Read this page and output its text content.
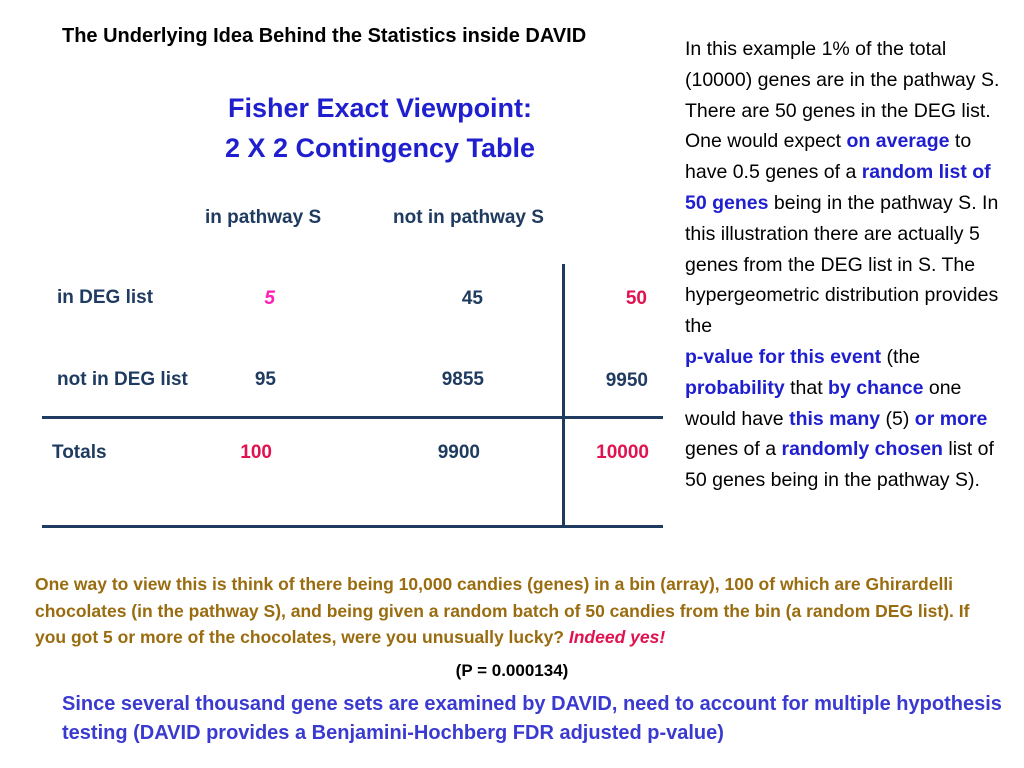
The Underlying Idea Behind the Statistics inside DAVID
Fisher Exact Viewpoint:
2 X 2 Contingency Table
in pathway S	not in pathway S
in DEG list	5	45	50
not in DEG list	95	9855	9950
Totals	100	9900	10000
In this example 1% of the total (10000) genes are in the pathway S. There are 50 genes in the DEG list. One would expect on average to have 0.5 genes of a random list of 50 genes being in the pathway S. In this illustration there are actually 5 genes from the DEG list in S. The hypergeometric distribution provides the
p-value for this event (the probability that by chance one would have this many (5) or more genes of a randomly chosen list of 50 genes being in the pathway S).
One way to view this is think of there being 10,000 candies (genes) in a bin (array), 100 of which are Ghirardelli chocolates (in the pathway S), and being given a random batch of 50 candies from the bin (a random DEG list). If you got 5 or more of the chocolates, were you unusually lucky? Indeed yes!
(P = 0.000134)
Since several thousand gene sets are examined by DAVID, need to account for multiple hypothesis testing (DAVID provides a Benjamini-Hochberg FDR adjusted p-value)
